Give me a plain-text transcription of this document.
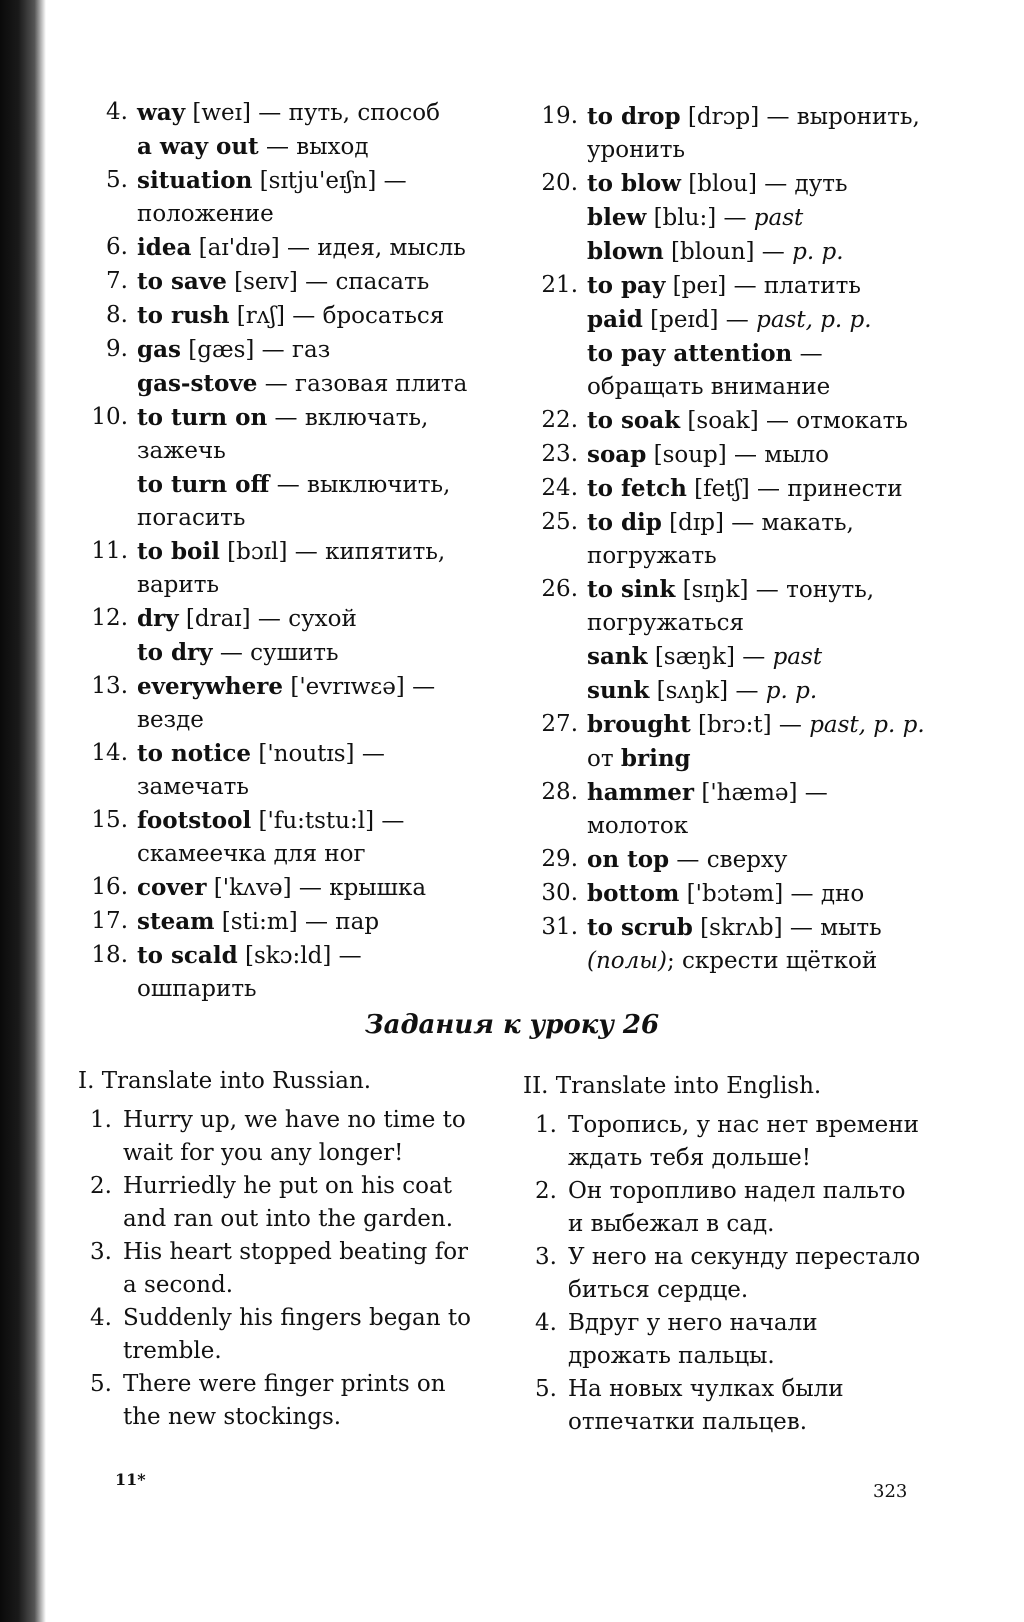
4. way [weɪ] — путь, способ
a way out — выход
5. situation [sɪtju'eɪʃn] — положение
6. idea [aɪ'dɪə] — идея, мысль
7. to save [seɪv] — спасать
8. to rush [rʌʃ] — бросаться
9. gas [gæs] — газ
gas-stove — газовая плита
10. to turn on — включать, зажечь
to turn off — выключить, погасить
11. to boil [bɔɪl] — кипятить, варить
12. dry [draɪ] — сухой
to dry — сушить
13. everywhere ['evrɪwɛə] — везде
14. to notice ['noutɪs] — замечать
15. footstool ['fu:tstu:l] — скамеечка для ног
16. cover ['kʌvə] — крышка
17. steam [sti:m] — пар
18. to scald [skɔ:ld] — ошпарить
19. to drop [drɔp] — выронить, уронить
20. to blow [blou] — дуть
blew [blu:] — past
blown [bloun] — p. p.
21. to pay [peɪ] — платить
paid [peɪd] — past, p. p.
to pay attention — обращать внимание
22. to soak [soak] — отмокать
23. soap [soup] — мыло
24. to fetch [fetʃ] — принести
25. to dip [dɪp] — макать, погружать
26. to sink [sɪŋk] — тонуть, погружаться
sank [sæŋk] — past
sunk [sʌŋk] — p. p.
27. brought [brɔ:t] — past, p. p.
от bring
28. hammer ['hæmə] — молоток
29. on top — сверху
30. bottom ['bɔtəm] — дно
31. to scrub [skrʌb] — мыть (полы); скрести щёткой
Задания к уроку 26
I. Translate into Russian.
1. Hurry up, we have no time to wait for you any longer!
2. Hurriedly he put on his coat and ran out into the garden.
3. His heart stopped beating for a second.
4. Suddenly his fingers began to tremble.
5. There were finger prints on the new stockings.
II. Translate into English.
1. Торопись, у нас нет времени ждать тебя дольше!
2. Он торопливо надел пальто и выбежал в сад.
3. У него на секунду перестало биться сердце.
4. Вдруг у него начали дрожать пальцы.
5. На новых чулках были отпечатки пальцев.
11*
323
